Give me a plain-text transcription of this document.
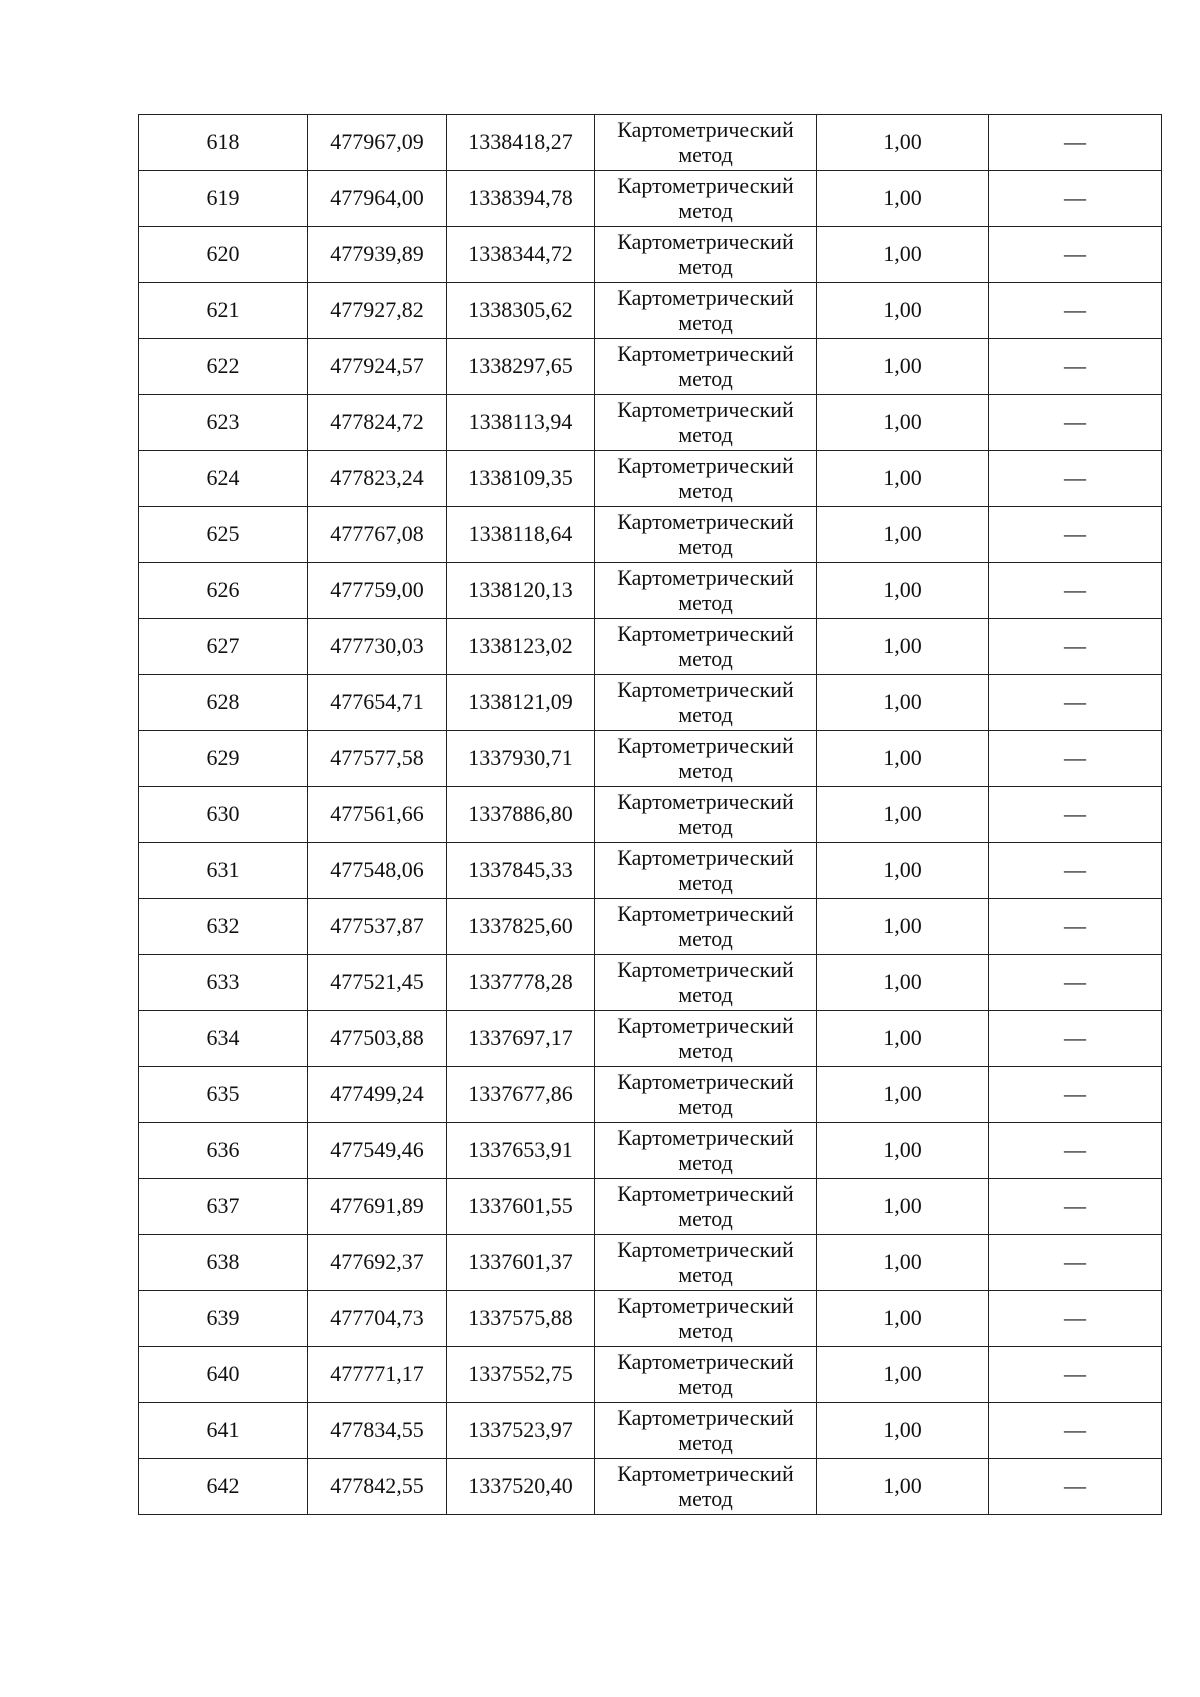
618	477967,09	1338418,27	Картометрический метод	1,00	—
619	477964,00	1338394,78	Картометрический метод	1,00	—
620	477939,89	1338344,72	Картометрический метод	1,00	—
621	477927,82	1338305,62	Картометрический метод	1,00	—
622	477924,57	1338297,65	Картометрический метод	1,00	—
623	477824,72	1338113,94	Картометрический метод	1,00	—
624	477823,24	1338109,35	Картометрический метод	1,00	—
625	477767,08	1338118,64	Картометрический метод	1,00	—
626	477759,00	1338120,13	Картометрический метод	1,00	—
627	477730,03	1338123,02	Картометрический метод	1,00	—
628	477654,71	1338121,09	Картометрический метод	1,00	—
629	477577,58	1337930,71	Картометрический метод	1,00	—
630	477561,66	1337886,80	Картометрический метод	1,00	—
631	477548,06	1337845,33	Картометрический метод	1,00	—
632	477537,87	1337825,60	Картометрический метод	1,00	—
633	477521,45	1337778,28	Картометрический метод	1,00	—
634	477503,88	1337697,17	Картометрический метод	1,00	—
635	477499,24	1337677,86	Картометрический метод	1,00	—
636	477549,46	1337653,91	Картометрический метод	1,00	—
637	477691,89	1337601,55	Картометрический метод	1,00	—
638	477692,37	1337601,37	Картометрический метод	1,00	—
639	477704,73	1337575,88	Картометрический метод	1,00	—
640	477771,17	1337552,75	Картометрический метод	1,00	—
641	477834,55	1337523,97	Картометрический метод	1,00	—
642	477842,55	1337520,40	Картометрический метод	1,00	—
